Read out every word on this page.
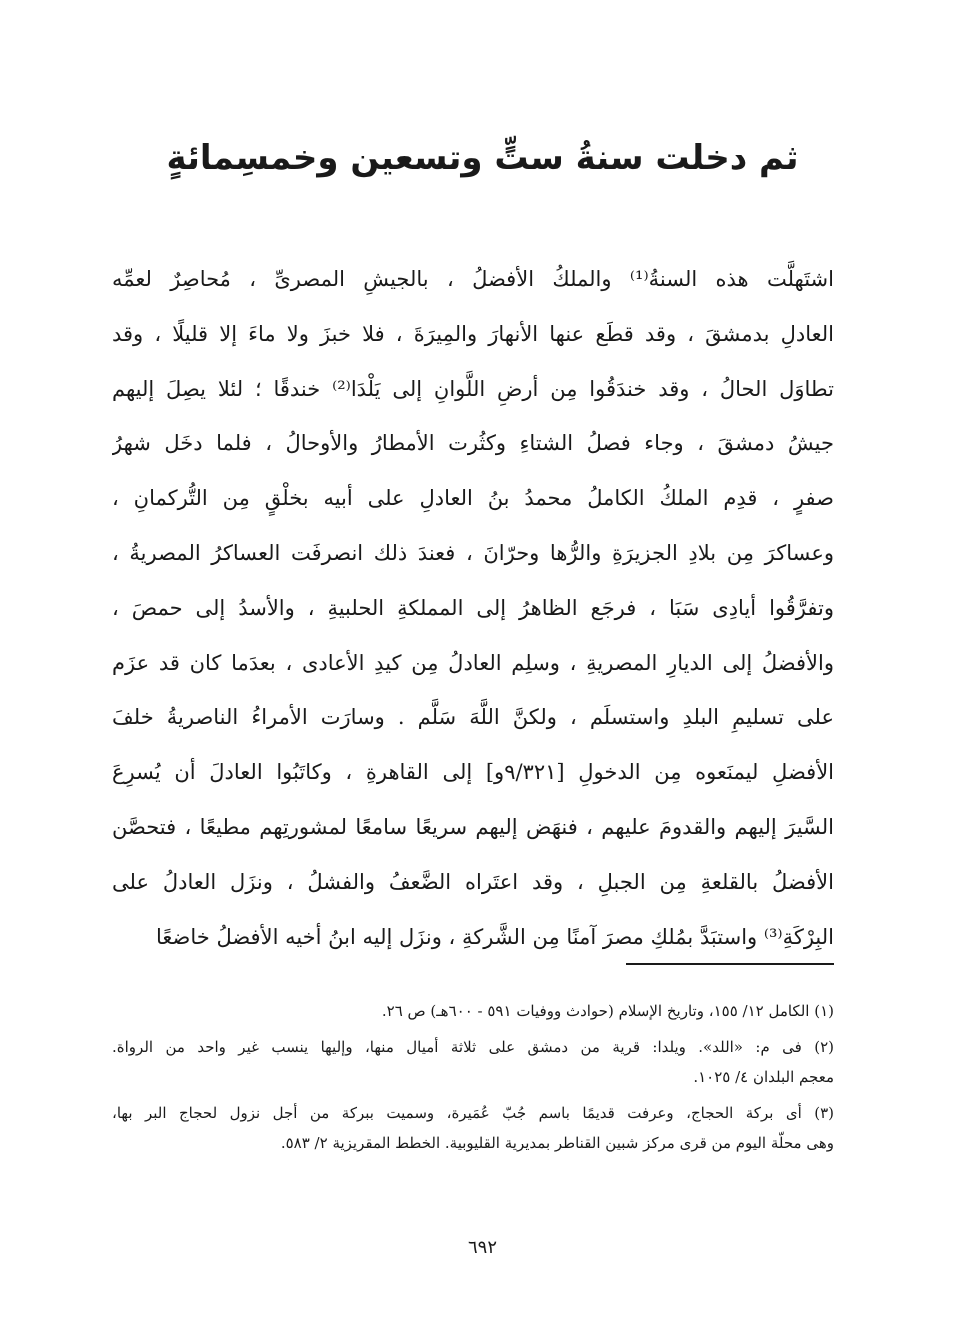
ثم دخلت سنةُ ستٍّ وتسعين وخمسِمائةٍ
اشتَهلَّت هذه السنةُ⁽¹⁾ والملكُ الأفضلُ ، بالجيشِ المصرىِّ ، مُحاصِرٌ لعمِّه
العادلِ بدمشقَ ، وقد قطَع عنها الأنهارَ والمِيرَةَ ، فلا خبزَ ولا ماءَ إلا قليلًا ، وقد
تطاوَل الحالُ ، وقد خندَقُوا مِن أرضِ اللَّوانِ إلى يَلْدَا⁽²⁾ خندقًا ؛ لئلا يصِلَ إليهم
جيشُ دمشقَ ، وجاء فصلُ الشتاءِ وكثُرت الأمطارُ والأوحالُ ، فلما دخَل شهرُ
صفرٍ ، قدِم الملكُ الكاملُ محمدُ بنُ العادلِ على أبيه بخلْقٍ مِن التُّركمانِ ،
وعساكرَ مِن بلادِ الجزيرَةِ والرُّها وحرّانَ ، فعندَ ذلك انصرفَت العساكرُ المصريةُ ،
وتفرَّقُوا أيادِى سَبَا ، فرجَع الظاهرُ إلى المملكةِ الحلبيةِ ، والأسدُ إلى حمصَ ،
والأفضلُ إلى الديارِ المصريةِ ، وسلِم العادلُ مِن كيدِ الأعادى ، بعدَما كان قد عزَم
على تسليمِ البلدِ واستسلَم ، ولكنَّ اللَّهَ سَلَّم . وسارَت الأمراءُ الناصريةُ خلفَ
الأفضلِ ليمنَعوه مِن الدخولِ [٩/٣٢١و] إلى القاهرةِ ، وكاتَبُوا العادلَ أن يُسرِعَ
السَّيرَ إليهم والقدومَ عليهم ، فنهَض إليهم سريعًا سامعًا لمشورتِهم مطيعًا ، فتحصَّن
الأفضلُ بالقلعةِ مِن الجبلِ ، وقد اعتَراه الضَّعفُ والفشلُ ، ونزَل العادلُ على
البِرْكَةِ⁽³⁾ واستبَدَّ بمُلكِ مصرَ آمنًا مِن الشَّركةِ ، ونزَل إليه ابنُ أخيه الأفضلُ خاضعًا
(١) الكامل ١٢/ ١٥٥، وتاريخ الإسلام (حوادث ووفيات ٥٩١ - ٦٠٠هـ) ص ٢٦.
(٢) فى م: «اللد». ويلدا: قرية من دمشق على ثلاثة أميال منها، وإليها ينسب غير واحد من الرواة.
معجم البلدان ٤/ ١٠٢٥.
(٣) أى بركة الحجاج، وعرفت قديمًا باسم جُبّ عُمَيرة، وسميت ببركة من أجل نزول لحجاج البر بها،
وهى محلّة اليوم من قرى مركز شبين القناطر بمديرية القليوبية. الخطط المقريزية ٢/ ٥٨٣.
٦٩٢
